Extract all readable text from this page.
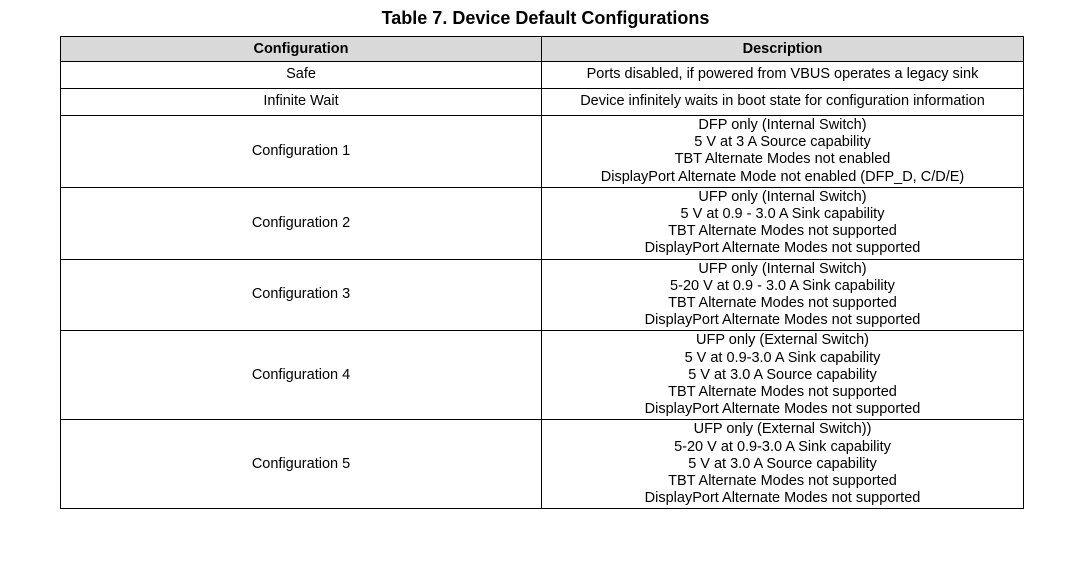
Table 7. Device Default Configurations
Configuration	Description
Safe	Ports disabled, if powered from VBUS operates a legacy sink

Infinite Wait	Device infinitely waits in boot state for configuration information

Configuration 1	DFP only (Internal Switch)
5 V at 3 A Source capability
TBT Alternate Modes not enabled
DisplayPort Alternate Mode not enabled (DFP_D, C/D/E)

Configuration 2	UFP only (Internal Switch)
5 V at 0.9 - 3.0 A Sink capability
TBT Alternate Modes not supported
DisplayPort Alternate Modes not supported

Configuration 3	UFP only (Internal Switch)
5-20 V at 0.9 - 3.0 A Sink capability
TBT Alternate Modes not supported
DisplayPort Alternate Modes not supported

Configuration 4	UFP only (External Switch)
5 V at 0.9-3.0 A Sink capability
5 V at 3.0 A Source capability
TBT Alternate Modes not supported
DisplayPort Alternate Modes not supported

Configuration 5	UFP only (External Switch))
5-20 V at 0.9-3.0 A Sink capability
5 V at 3.0 A Source capability
TBT Alternate Modes not supported
DisplayPort Alternate Modes not supported
